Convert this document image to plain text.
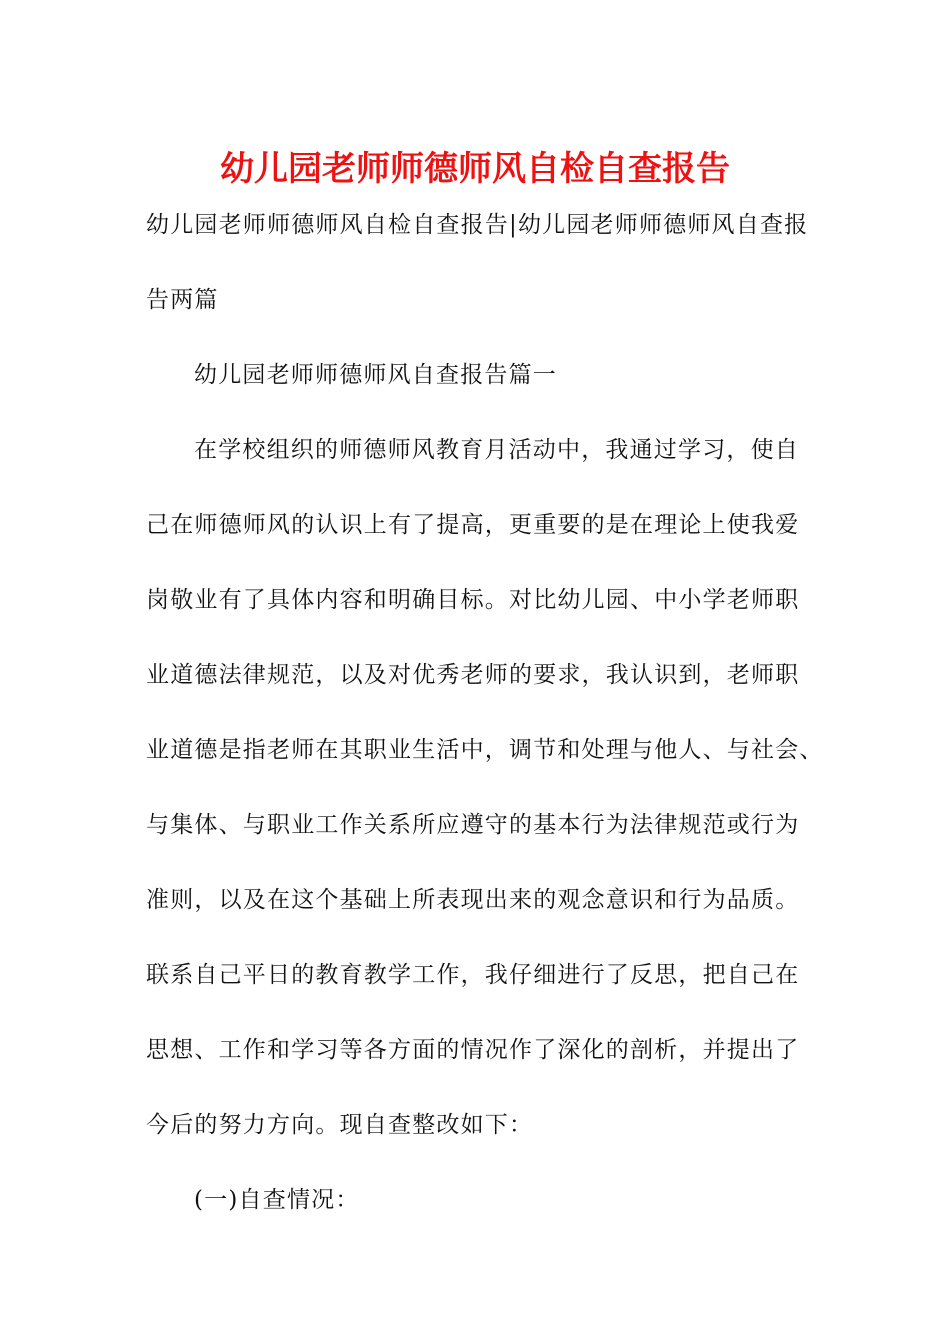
幼儿园老师师德师风自检自查报告
幼儿园老师师德师风自检自查报告|幼儿园老师师德师风自查报
告两篇
幼儿园老师师德师风自查报告篇一
在学校组织的师德师风教育月活动中，我通过学习，使自
己在师德师风的认识上有了提高，更重要的是在理论上使我爱
岗敬业有了具体内容和明确目标。对比幼儿园、中小学老师职
业道德法律规范，以及对优秀老师的要求，我认识到，老师职
业道德是指老师在其职业生活中，调节和处理与他人、与社会、
与集体、与职业工作关系所应遵守的基本行为法律规范或行为
准则，以及在这个基础上所表现出来的观念意识和行为品质。
联系自己平日的教育教学工作，我仔细进行了反思，把自己在
思想、工作和学习等各方面的情况作了深化的剖析，并提出了
今后的努力方向。现自查整改如下：
(一)自查情况：
